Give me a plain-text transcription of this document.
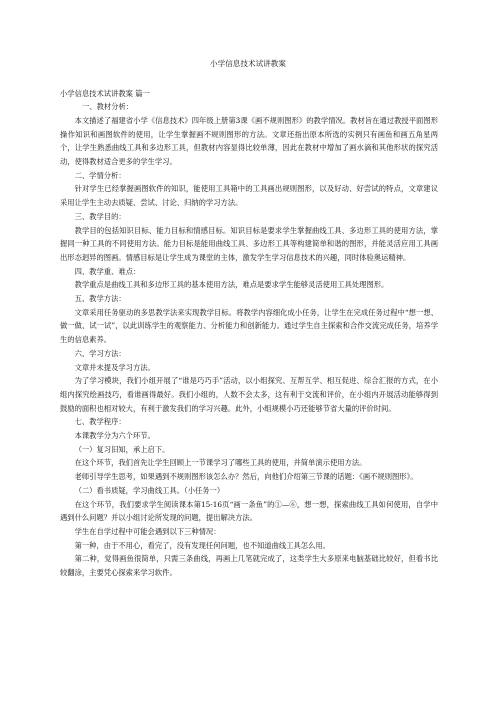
小学信息技术试讲教案

小学信息技术试讲教案 篇一

一、教材分析：

本文描述了福建省小学《信息技术》四年级上册第3课《画不规则图形》的教学情况。教材旨在通过教授平面图形操作知识和画图软件的使用，让学生掌握画不规则图形的方法。文章还指出原本所选的实例只有画鱼和画五角星两个，让学生熟悉曲线工具和多边形工具，但教材内容显得比较单薄，因此在教材中增加了画水滴和其他形状的探究活动，使得教材适合更多的学生学习。

二、学情分析：

针对学生已经掌握画图软件的知识，能使用工具箱中的工具画出规则图形，以及好动、好尝试的特点，文章建议采用让学生主动去质疑、尝试、讨论、归纳的学习方法。

三、教学目的：

教学目的包括知识目标、能力目标和情感目标。知识目标是要求学生掌握曲线工具、多边形工具的使用方法，掌握同一种工具的不同使用方法。能力目标是能用曲线工具、多边形工具等构建简单和谐的图形，并能灵活应用工具画出形态迥异的图画。情感目标是让学生成为课堂的主体，激发学生学习信息技术的兴趣，同时体验奥运精神。

四、教学重、难点：

教学重点是曲线工具和多边形工具的基本使用方法，难点是要求学生能够灵活使用工具处理图形。

五、教学方法：

文章采用任务驱动的多思教学法来实现教学目标。将教学内容细化成小任务，让学生在完成任务过程中“想一想、做一做、试一试”，以此训练学生的观察能力、分析能力和创新能力。通过学生自主探索和合作交流完成任务，培养学生的信息素养。

六、学习方法：

文章并未提及学习方法。

为了学习模块，我们小组开展了“谁是巧巧手”活动，以小组探究、互帮互学、相互促进、综合汇报的方式，在小组内探究绘画技巧，看谁画得最好。我们小组的，人数不会太多，这有利于交流和评价，在小组内开展活动能够得到鼓励的面积也相对较大，有利于激发我们的学习兴趣。此外，小组规模小巧还能够节省大量的评价时间。

七、教学程序：

本课教学分为六个环节。

（一）复习旧知，承上启下。

在这个环节，我们首先让学生回顾上一节课学习了哪些工具的使用，并简单演示使用方法。

老师引导学生思考，如果遇到不规则图形该怎么办？然后，向他们介绍第三节课的话题：《画不规则图形》。

（二）看书质疑，学习曲线工具。（小任务一）

在这个环节，我们要求学生阅读课本第15-16页“画一条鱼”的①—⑥，想一想，探索曲线工具如何使用，自学中遇到什么问题？并以小组讨论所发现的问题，提出解决方法。

学生在自学过程中可能会遇到以下三种情况：

第一种，由于不用心，看完了，没有发现任何问题，也不知道曲线工具怎么用。

第二种，觉得画鱼很简单，只需三条曲线，再画上几笔就完成了，这类学生大多原来电脑基础比较好，但看书比较翻涂，主要凭心探索来学习软件。
